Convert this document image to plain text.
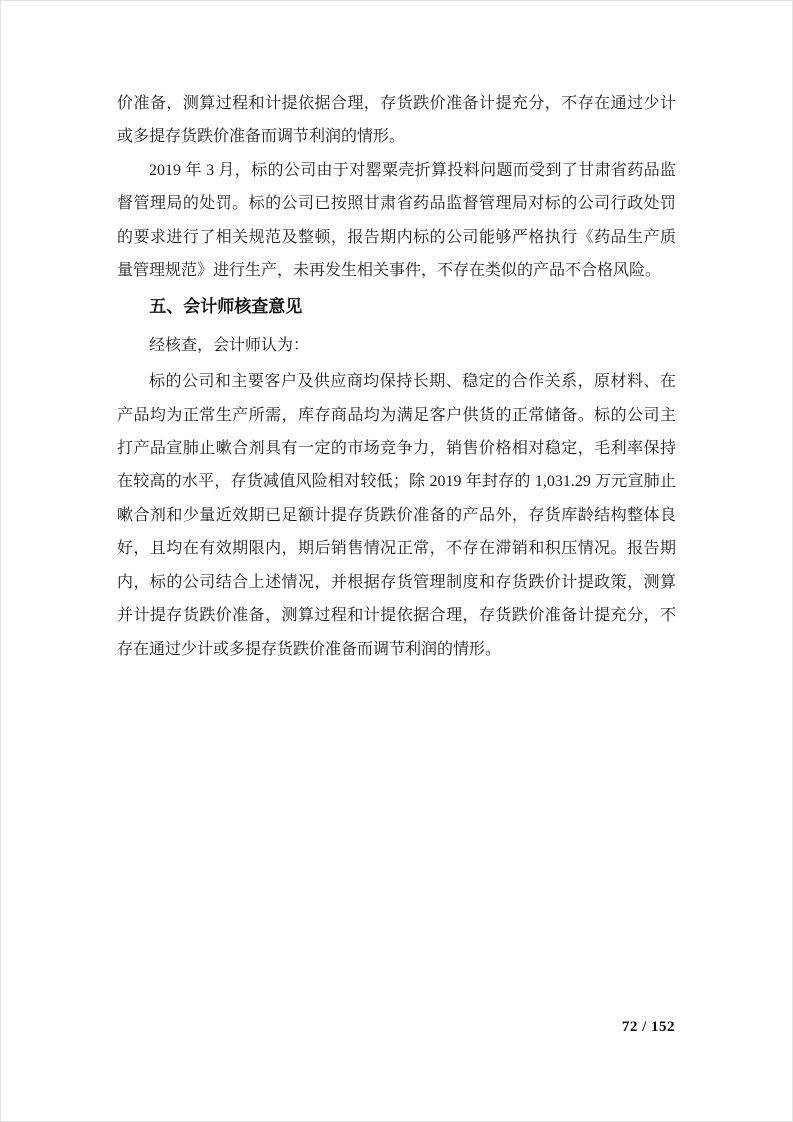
价准备，测算过程和计提依据合理，存货跌价准备计提充分，不存在通过少计或多提存货跌价准备而调节利润的情形。

2019 年 3 月，标的公司由于对罂粟壳折算投料问题而受到了甘肃省药品监督管理局的处罚。标的公司已按照甘肃省药品监督管理局对标的公司行政处罚的要求进行了相关规范及整顿，报告期内标的公司能够严格执行《药品生产质量管理规范》进行生产，未再发生相关事件，不存在类似的产品不合格风险。

五、会计师核查意见

经核查，会计师认为：

标的公司和主要客户及供应商均保持长期、稳定的合作关系，原材料、在产品均为正常生产所需，库存商品均为满足客户供货的正常储备。标的公司主打产品宣肺止嗽合剂具有一定的市场竞争力，销售价格相对稳定，毛利率保持在较高的水平，存货减值风险相对较低；除 2019 年封存的 1,031.29 万元宣肺止嗽合剂和少量近效期已足额计提存货跌价准备的产品外，存货库龄结构整体良好，且均在有效期限内，期后销售情况正常，不存在滞销和积压情况。报告期内，标的公司结合上述情况，并根据存货管理制度和存货跌价计提政策，测算并计提存货跌价准备，测算过程和计提依据合理，存货跌价准备计提充分，不存在通过少计或多提存货跌价准备而调节利润的情形。

72 / 152
